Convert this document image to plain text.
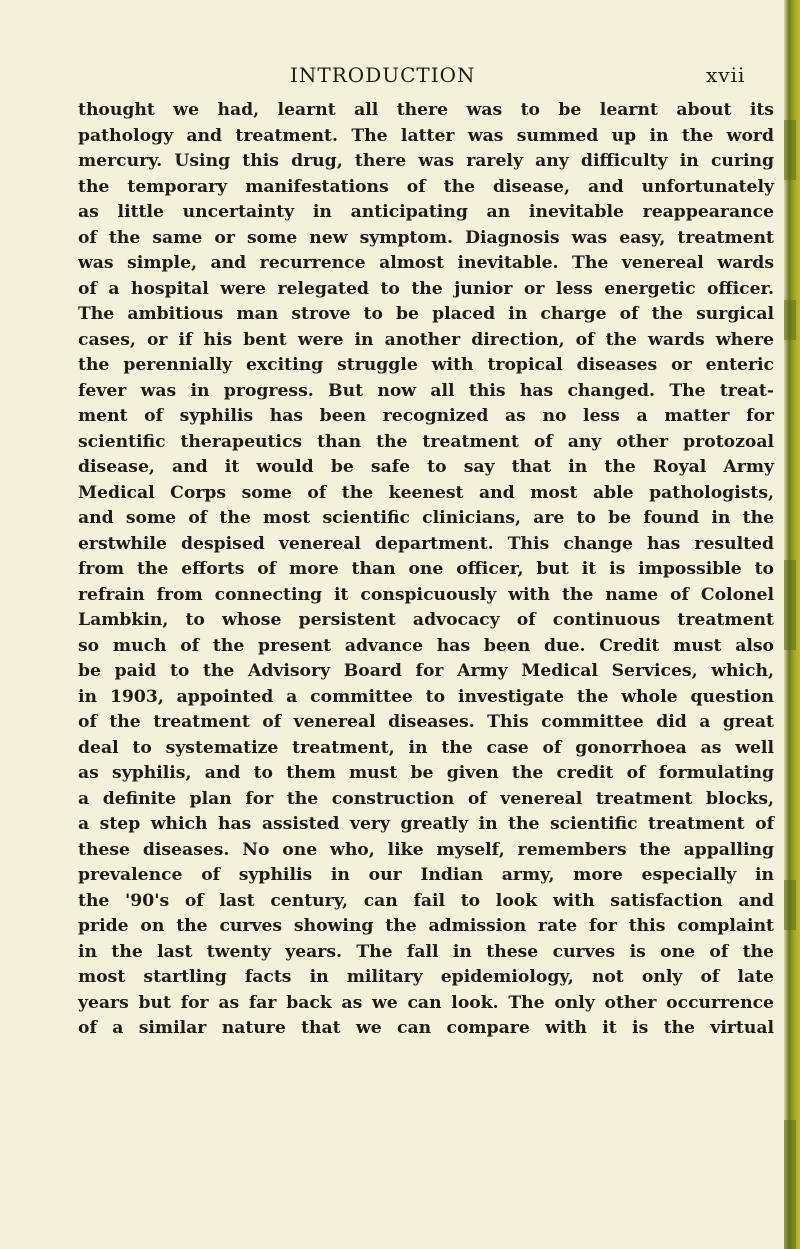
INTRODUCTION	xvii
thought we had, learnt all there was to be learnt about its
pathology and treatment. The latter was summed up in the word
mercury. Using this drug, there was rarely any difficulty in curing
the temporary manifestations of the disease, and unfortunately
as little uncertainty in anticipating an inevitable reappearance
of the same or some new symptom. Diagnosis was easy, treatment
was simple, and recurrence almost inevitable. The venereal wards
of a hospital were relegated to the junior or less energetic officer.
The ambitious man strove to be placed in charge of the surgical
cases, or if his bent were in another direction, of the wards where
the perennially exciting struggle with tropical diseases or enteric
fever was in progress. But now all this has changed. The treat-
ment of syphilis has been recognized as no less a matter for
scientific therapeutics than the treatment of any other protozoal
disease, and it would be safe to say that in the Royal Army
Medical Corps some of the keenest and most able pathologists,
and some of the most scientific clinicians, are to be found in the
erstwhile despised venereal department. This change has resulted
from the efforts of more than one officer, but it is impossible to
refrain from connecting it conspicuously with the name of Colonel
Lambkin, to whose persistent advocacy of continuous treatment
so much of the present advance has been due. Credit must also
be paid to the Advisory Board for Army Medical Services, which,
in 1903, appointed a committee to investigate the whole question
of the treatment of venereal diseases. This committee did a great
deal to systematize treatment, in the case of gonorrhoea as well
as syphilis, and to them must be given the credit of formulating
a definite plan for the construction of venereal treatment blocks,
a step which has assisted very greatly in the scientific treatment of
these diseases. No one who, like myself, remembers the appalling
prevalence of syphilis in our Indian army, more especially in
the '90's of last century, can fail to look with satisfaction and
pride on the curves showing the admission rate for this complaint
in the last twenty years. The fall in these curves is one of the
most startling facts in military epidemiology, not only of late
years but for as far back as we can look. The only other occurrence
of a similar nature that we can compare with it is the virtual
